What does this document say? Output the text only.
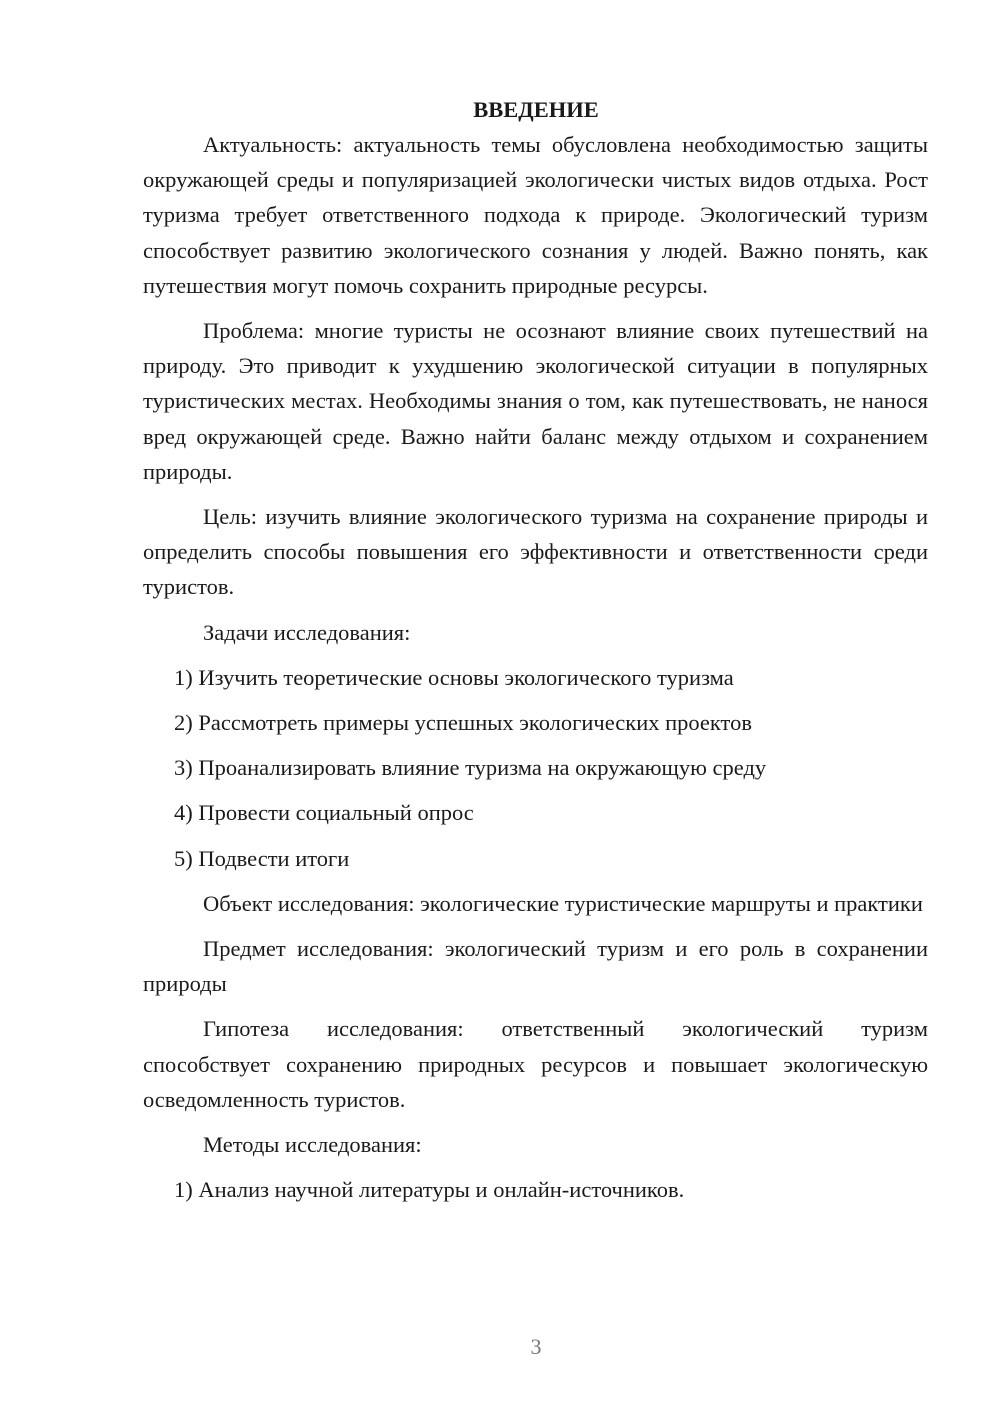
ВВЕДЕНИЕ

Актуальность: актуальность темы обусловлена необходимостью защиты окружающей среды и популяризацией экологически чистых видов отдыха. Рост туризма требует ответственного подхода к природе. Экологический туризм способствует развитию экологического сознания у людей. Важно понять, как путешествия могут помочь сохранить природные ресурсы.

Проблема: многие туристы не осознают влияние своих путешествий на природу. Это приводит к ухудшению экологической ситуации в популярных туристических местах. Необходимы знания о том, как путешествовать, не нанося вред окружающей среде. Важно найти баланс между отдыхом и сохранением природы.

Цель: изучить влияние экологического туризма на сохранение природы и определить способы повышения его эффективности и ответственности среди туристов.

Задачи исследования:

1) Изучить теоретические основы экологического туризма
2) Рассмотреть примеры успешных экологических проектов
3) Проанализировать влияние туризма на окружающую среду
4) Провести социальный опрос
5) Подвести итоги

Объект исследования: экологические туристические маршруты и практики

Предмет исследования: экологический туризм и его роль в сохранении природы

Гипотеза исследования: ответственный экологический туризм способствует сохранению природных ресурсов и повышает экологическую осведомленность туристов.

Методы исследования:

1) Анализ научной литературы и онлайн-источников.
3
